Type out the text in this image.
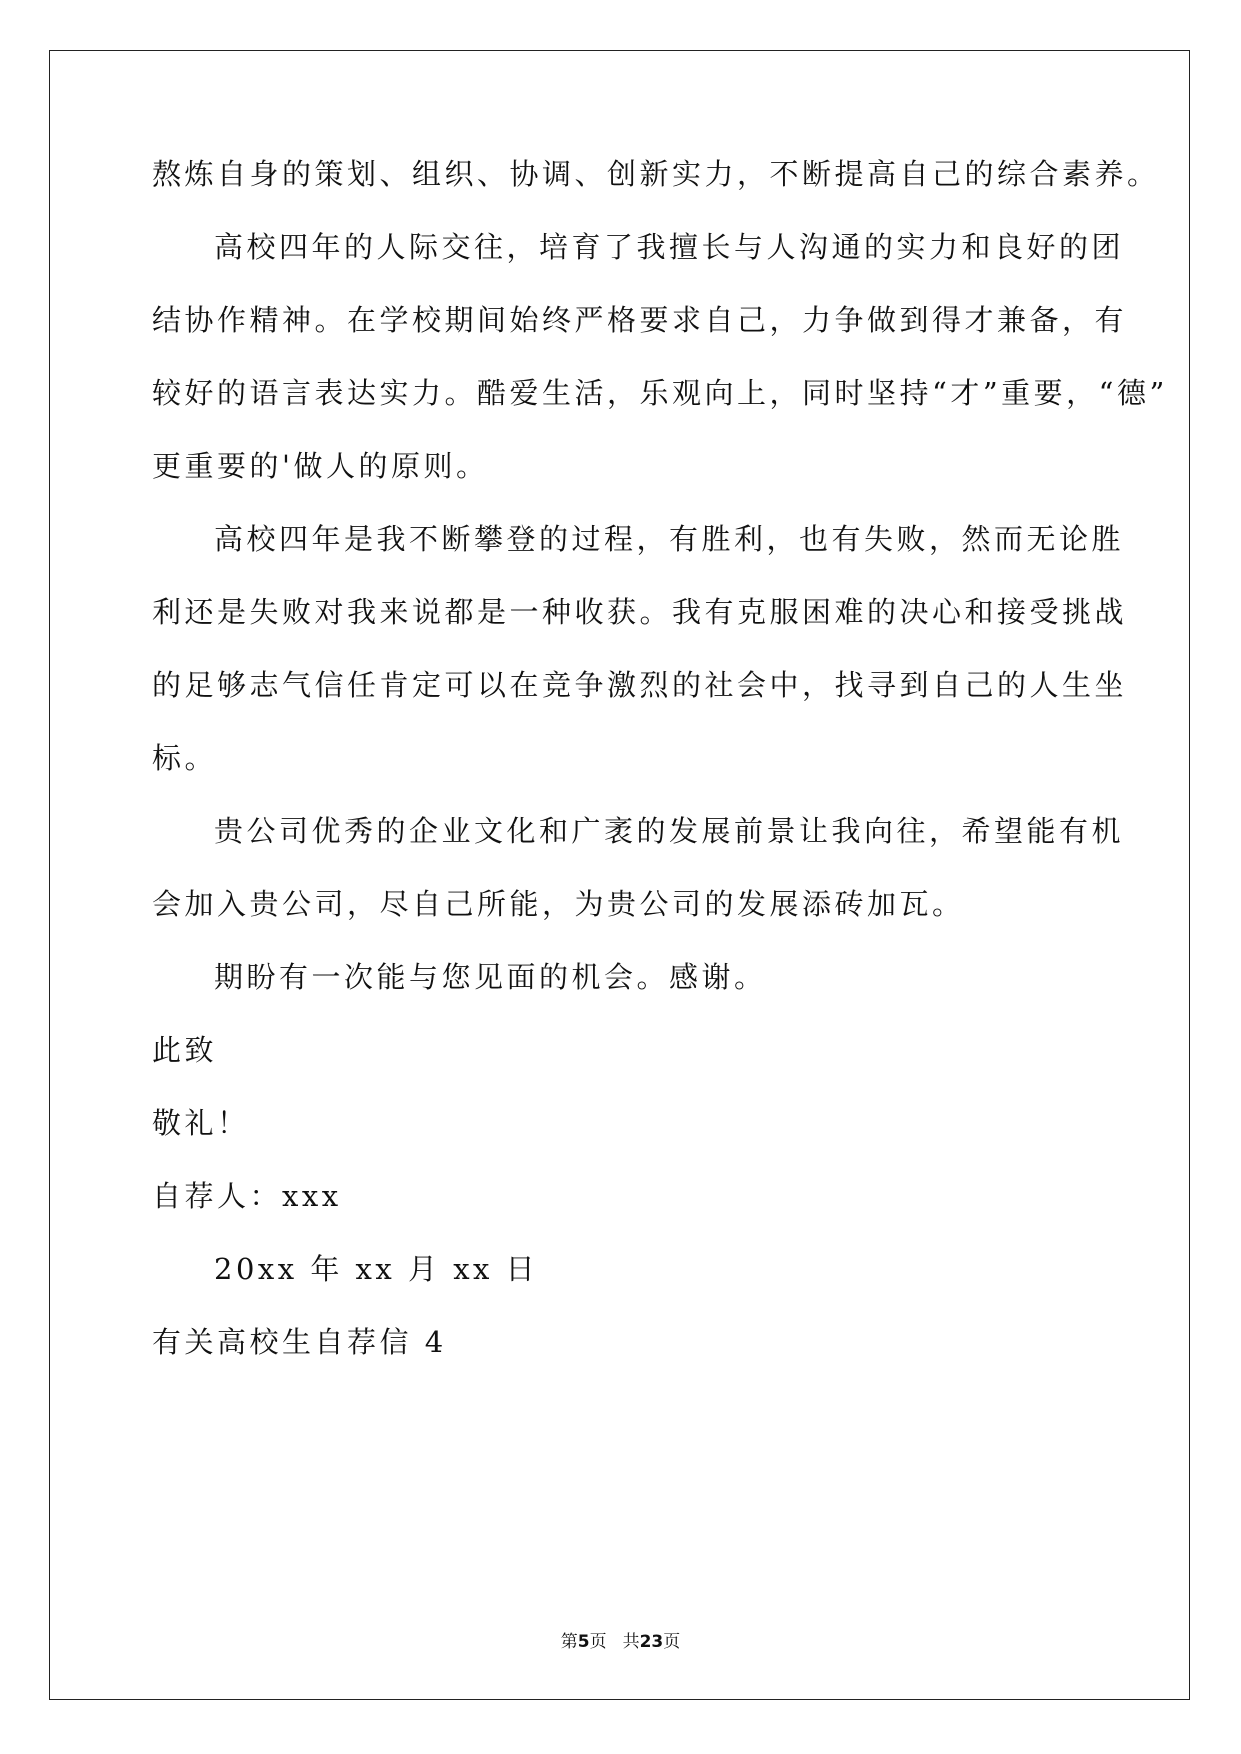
熬炼自身的策划、组织、协调、创新实力，不断提高自己的综合素养。
高校四年的人际交往，培育了我擅长与人沟通的实力和良好的团
结协作精神。在学校期间始终严格要求自己，力争做到得才兼备，有
较好的语言表达实力。酷爱生活，乐观向上，同时坚持“才”重要，“德”
更重要的'做人的原则。
高校四年是我不断攀登的过程，有胜利，也有失败，然而无论胜
利还是失败对我来说都是一种收获。我有克服困难的决心和接受挑战
的足够志气信任肯定可以在竞争激烈的社会中，找寻到自己的人生坐
标。
贵公司优秀的企业文化和广袤的发展前景让我向往，希望能有机
会加入贵公司，尽自己所能，为贵公司的发展添砖加瓦。
期盼有一次能与您见面的机会。感谢。
此致
敬礼！
自荐人：xxx
20xx 年 xx 月 xx 日
有关高校生自荐信 4
第5页 共23页
